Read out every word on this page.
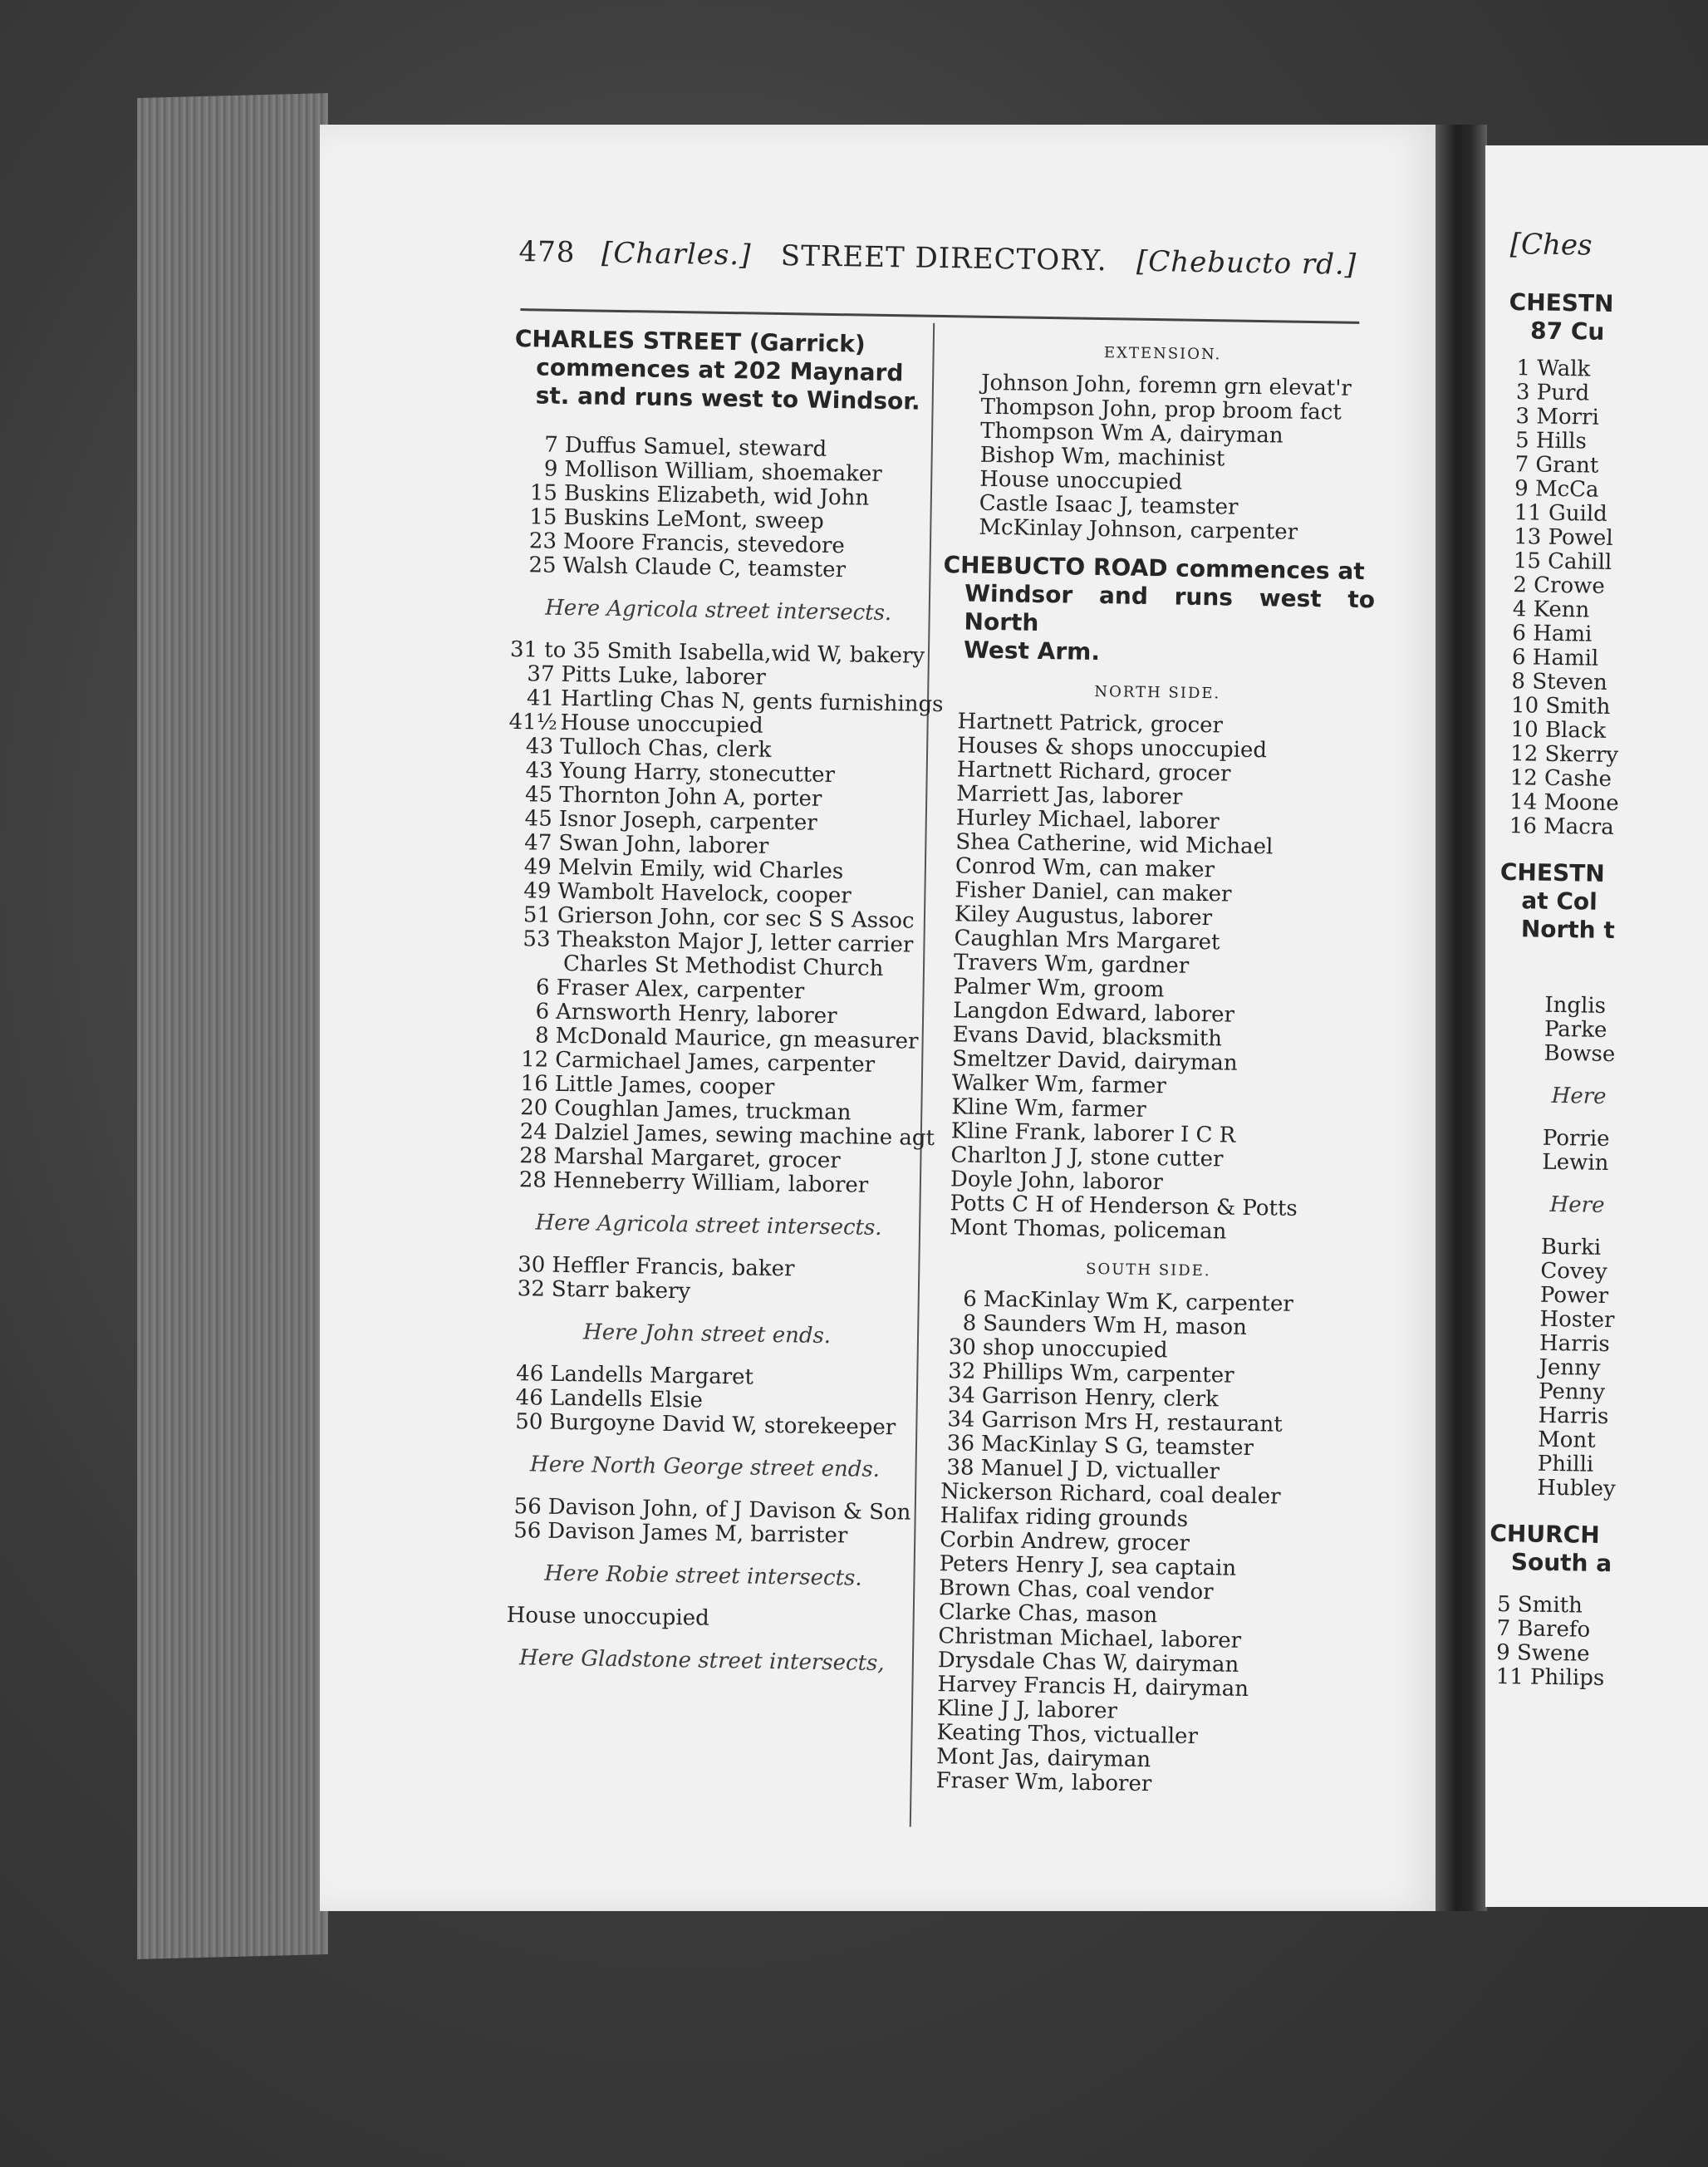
478 [Charles.] STREET DIRECTORY. [Chebucto rd.]
CHARLES STREET (Garrick)
commences at 202 Maynard
st. and runs west to Windsor.
7 Duffus Samuel, steward
9 Mollison William, shoemaker
15 Buskins Elizabeth, wid John
15 Buskins LeMont, sweep
23 Moore Francis, stevedore
25 Walsh Claude C, teamster
Here Agricola street intersects.
31 to 35 Smith Isabella,wid W, bakery
37 Pitts Luke, laborer
41 Hartling Chas N, gents furnishings
41½ House unoccupied
43 Tulloch Chas, clerk
43 Young Harry, stonecutter
45 Thornton John A, porter
45 Isnor Joseph, carpenter
47 Swan John, laborer
49 Melvin Emily, wid Charles
49 Wambolt Havelock, cooper
51 Grierson John, cor sec S S Assoc
53 Theakston Major J, letter carrier
Charles St Methodist Church
6 Fraser Alex, carpenter
6 Arnsworth Henry, laborer
8 McDonald Maurice, gn measurer
12 Carmichael James, carpenter
16 Little James, cooper
20 Coughlan James, truckman
24 Dalziel James, sewing machine agt
28 Marshal Margaret, grocer
28 Henneberry William, laborer
Here Agricola street intersects.
30 Heffler Francis, baker
32 Starr bakery
Here John street ends.
46 Landells Margaret
46 Landells Elsie
50 Burgoyne David W, storekeeper
Here North George street ends.
56 Davison John, of J Davison & Son
56 Davison James M, barrister
Here Robie street intersects.
House unoccupied
Here Gladstone street intersects,
EXTENSION.
Johnson John, foremn grn elevat'r
Thompson John, prop broom fact
Thompson Wm A, dairyman
Bishop Wm, machinist
House unoccupied
Castle Isaac J, teamster
McKinlay Johnson, carpenter
CHEBUCTO ROAD commences at
Windsor and runs west to North
West Arm.
NORTH SIDE.
Hartnett Patrick, grocer
Houses & shops unoccupied
Hartnett Richard, grocer
Marriett Jas, laborer
Hurley Michael, laborer
Shea Catherine, wid Michael
Conrod Wm, can maker
Fisher Daniel, can maker
Kiley Augustus, laborer
Caughlan Mrs Margaret
Travers Wm, gardner
Palmer Wm, groom
Langdon Edward, laborer
Evans David, blacksmith
Smeltzer David, dairyman
Walker Wm, farmer
Kline Wm, farmer
Kline Frank, laborer I C R
Charlton J J, stone cutter
Doyle John, laboror
Potts C H of Henderson & Potts
Mont Thomas, policeman
SOUTH SIDE.
6 MacKinlay Wm K, carpenter
8 Saunders Wm H, mason
30 shop unoccupied
32 Phillips Wm, carpenter
34 Garrison Henry, clerk
34 Garrison Mrs H, restaurant
36 MacKinlay S G, teamster
38 Manuel J D, victualler
Nickerson Richard, coal dealer
Halifax riding grounds
Corbin Andrew, grocer
Peters Henry J, sea captain
Brown Chas, coal vendor
Clarke Chas, mason
Christman Michael, laborer
Drysdale Chas W, dairyman
Harvey Francis H, dairyman
Kline J J, laborer
Keating Thos, victualler
Mont Jas, dairyman
Fraser Wm, laborer
[Ches
CHESTN
87 Cu
1 Walk
3 Purd
3 Morri
5 Hills
7 Grant
9 McCa
11 Guild
13 Powel
15 Cahill
2 Crowe
4 Kenn
6 Hami
6 Hamil
8 Steven
10 Smith
10 Black
12 Skerry
12 Cashe
14 Moone
16 Macra
CHESTN
at Col
North t
Inglis
Parke
Bowse
Here
Porrie
Lewin
Here
Burki
Covey
Power
Hoster
Harris
Jenny
Penny
Harris
Mont
Philli
Hubley
CHURCH
South a
5 Smith
7 Barefo
9 Swene
11 Philips
